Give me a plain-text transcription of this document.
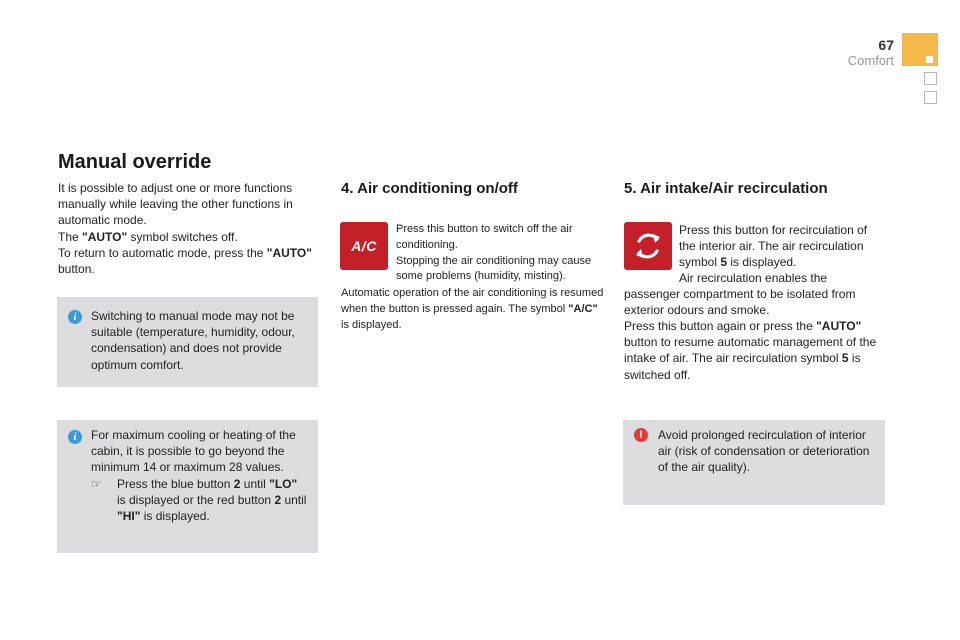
67
Comfort
Manual override
It is possible to adjust one or more functions manually while leaving the other functions in automatic mode.
The "AUTO" symbol switches off.
To return to automatic mode, press the "AUTO" button.
i	Switching to manual mode may not be suitable (temperature, humidity, odour, condensation) and does not provide optimum comfort.
i	For maximum cooling or heating of the cabin, it is possible to go beyond the minimum 14 or maximum 28 values.
☞ Press the blue button 2 until "LO"
is displayed or the red button 2 until
"HI" is displayed.
4. Air conditioning on/off
A/C
Press this button to switch off the air conditioning.
Stopping the air conditioning may cause some problems (humidity, misting).
Automatic operation of the air conditioning is resumed when the button is pressed again. The symbol "A/C" is displayed.
5. Air intake/Air recirculation
Press this button for recirculation of the interior air. The air recirculation symbol 5 is displayed.
Air recirculation enables the passenger compartment to be isolated from exterior odours and smoke.
Press this button again or press the "AUTO" button to resume automatic management of the intake of air. The air recirculation symbol 5 is switched off.
!	Avoid prolonged recirculation of interior air (risk of condensation or deterioration of the air quality).
